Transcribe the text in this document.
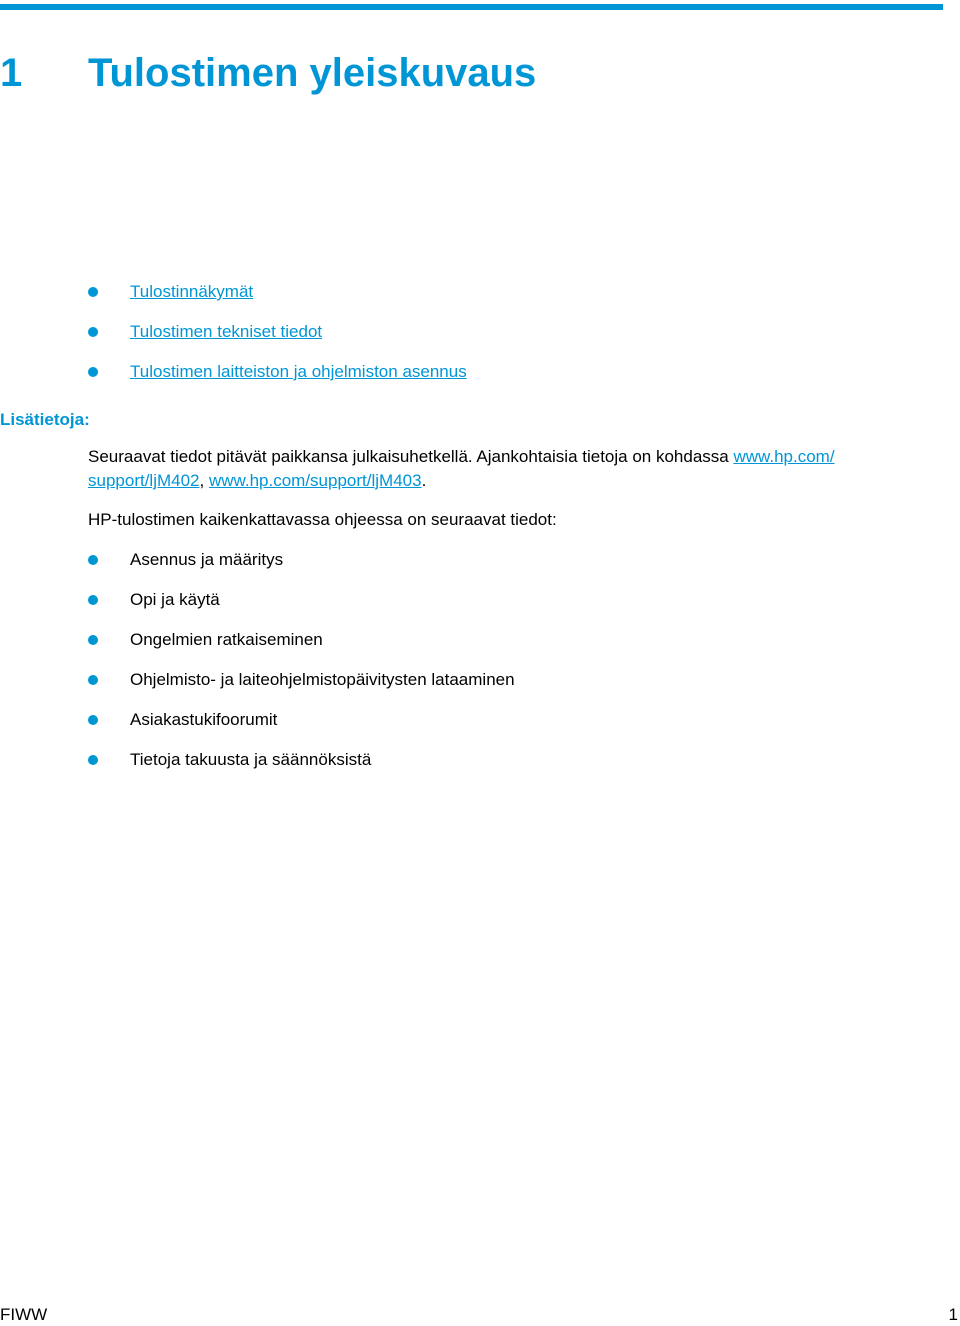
1 Tulostimen yleiskuvaus
Tulostinnäkymät
Tulostimen tekniset tiedot
Tulostimen laitteiston ja ohjelmiston asennus
Lisätietoja:

Seuraavat tiedot pitävät paikkansa julkaisuhetkellä. Ajankohtaisia tietoja on kohdassa www.hp.com/ support/ljM402, www.hp.com/support/ljM403.

HP-tulostimen kaikenkattavassa ohjeessa on seuraavat tiedot:

Asennus ja määritys
Opi ja käytä
Ongelmien ratkaiseminen
Ohjelmisto- ja laiteohjelmistopäivitysten lataaminen
Asiakastukifoorumit
Tietoja takuusta ja säännöksistä
FIWW	1
